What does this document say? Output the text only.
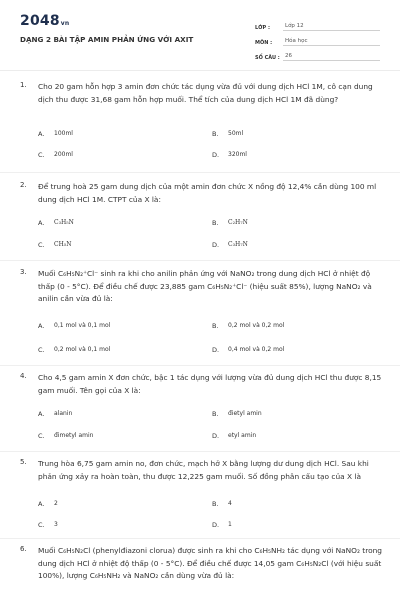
2048vn
DẠNG 2 BÀI TẬP AMIN PHẢN ỨNG VỚI AXIT
LỚP :	Lớp 12
MÔN :	Hóa học
SỐ CÂU : 26
1. Cho 20 gam hỗn hợp 3 amin đơn chức tác dụng vừa đủ với dung dịch HCl 1M, cô cạn dung dịch thu được 31,68 gam hỗn hợp muối. Thể tích của dung dịch HCl 1M đã dùng?
A.	100ml	B.	50ml
C.	200ml	D.	320ml
2. Để trung hoà 25 gam dung dịch của một amin đơn chức X nồng độ 12,4% cần dùng 100 ml dung dịch HCl 1M. CTPT của X là:
A.	C₃H₅N	B.	C₂H₇N
C.	CH₅N	D.	C₃H₇N
3. Muối C₆H₅N₂⁺Cl⁻ sinh ra khi cho anilin phản ứng với NaNO₂ trong dung dịch HCl ở nhiệt độ thấp (0 - 5°C). Để điều chế được 23,885 gam C₆H₅N₂⁺Cl⁻ (hiệu suất 85%), lượng NaNO₂ và anilin cần vừa đủ là:
A.	0,1 mol và 0,1 mol	B.	0,2 mol và 0,2 mol
C.	0,2 mol và 0,1 mol	D.	0,4 mol và 0,2 mol
4. Cho 4,5 gam amin X đơn chức, bậc 1 tác dụng với lượng vừa đủ dung dịch HCl thu được 8,15 gam muối. Tên gọi của X là:
A.	alanin	B.	đietyl amin
C.	đimetyl amin	D.	etyl amin
5. Trung hòa 6,75 gam amin no, đơn chức, mạch hở X bằng lượng dư dung dịch HCl. Sau khi phản ứng xảy ra hoàn toàn, thu được 12,225 gam muối. Số đồng phân cấu tạo của X là
A.	2	B.	4
C.	3	D.	1
6. Muối C₆H₅N₂Cl (phenylđiazoni clorua) được sinh ra khi cho C₆H₅NH₂ tác dụng với NaNO₂ trong dung dịch HCl ở nhiệt độ thấp (0 - 5°C). Để điều chế được 14,05 gam C₆H₅N₂Cl (với hiệu suất 100%), lượng C₆H₅NH₂ và NaNO₂ cần dùng vừa đủ là:
